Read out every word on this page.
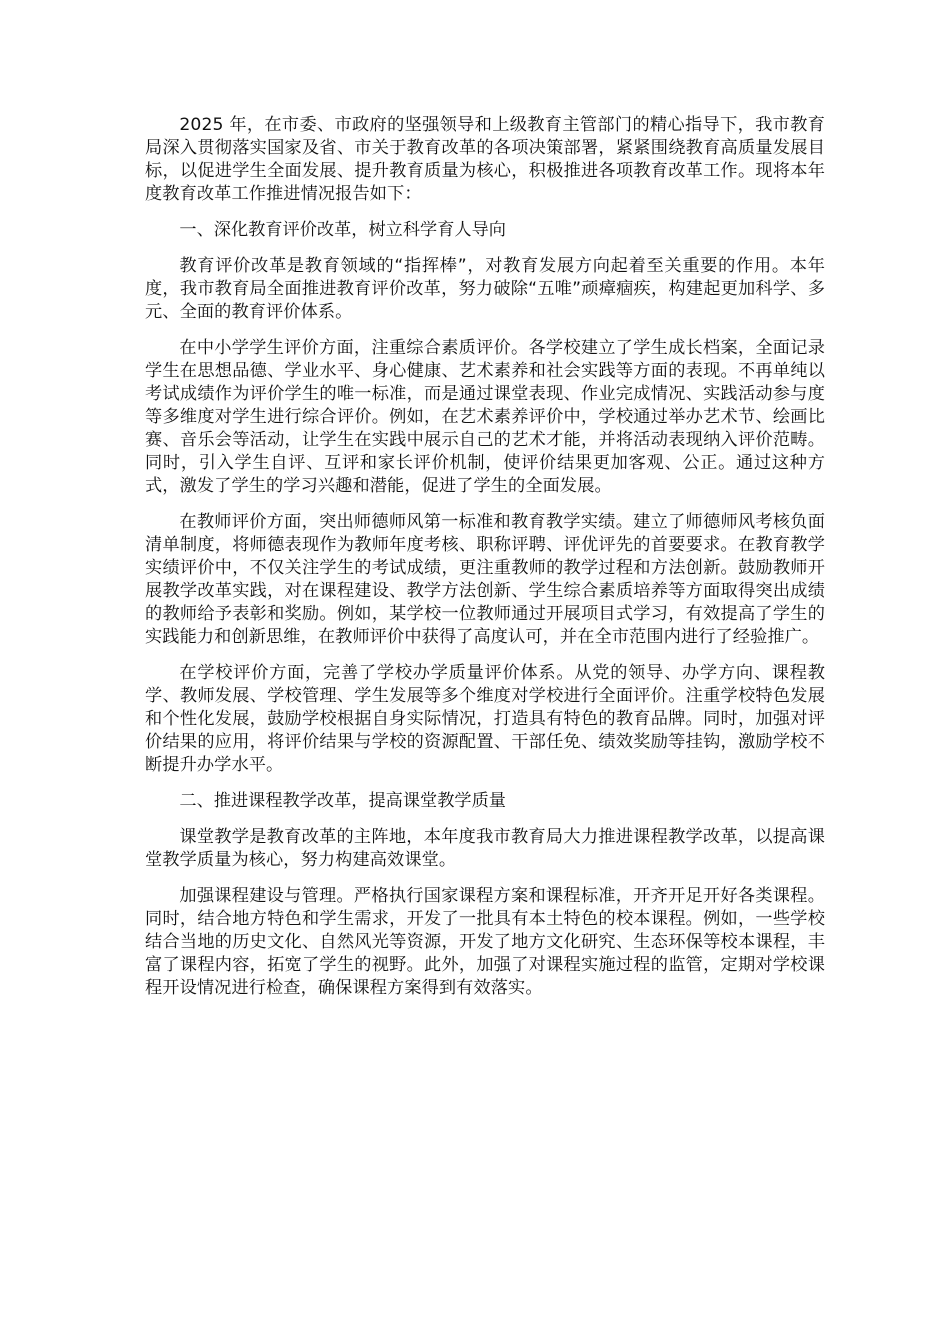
2025 年，在市委、市政府的坚强领导和上级教育主管部门的精心指导下，我市教育局深入贯彻落实国家及省、市关于教育改革的各项决策部署，紧紧围绕教育高质量发展目标，以促进学生全面发展、提升教育质量为核心，积极推进各项教育改革工作。现将本年度教育改革工作推进情况报告如下：

一、深化教育评价改革，树立科学育人导向

教育评价改革是教育领域的“指挥棒”，对教育发展方向起着至关重要的作用。本年度，我市教育局全面推进教育评价改革，努力破除“五唯”顽瘴痼疾，构建起更加科学、多元、全面的教育评价体系。

在中小学学生评价方面，注重综合素质评价。各学校建立了学生成长档案，全面记录学生在思想品德、学业水平、身心健康、艺术素养和社会实践等方面的表现。不再单纯以考试成绩作为评价学生的唯一标准，而是通过课堂表现、作业完成情况、实践活动参与度等多维度对学生进行综合评价。例如，在艺术素养评价中，学校通过举办艺术节、绘画比赛、音乐会等活动，让学生在实践中展示自己的艺术才能，并将活动表现纳入评价范畴。同时，引入学生自评、互评和家长评价机制，使评价结果更加客观、公正。通过这种方式，激发了学生的学习兴趣和潜能，促进了学生的全面发展。

在教师评价方面，突出师德师风第一标准和教育教学实绩。建立了师德师风考核负面清单制度，将师德表现作为教师年度考核、职称评聘、评优评先的首要要求。在教育教学实绩评价中，不仅关注学生的考试成绩，更注重教师的教学过程和方法创新。鼓励教师开展教学改革实践，对在课程建设、教学方法创新、学生综合素质培养等方面取得突出成绩的教师给予表彰和奖励。例如，某学校一位教师通过开展项目式学习，有效提高了学生的实践能力和创新思维，在教师评价中获得了高度认可，并在全市范围内进行了经验推广。

在学校评价方面，完善了学校办学质量评价体系。从党的领导、办学方向、课程教学、教师发展、学校管理、学生发展等多个维度对学校进行全面评价。注重学校特色发展和个性化发展，鼓励学校根据自身实际情况，打造具有特色的教育品牌。同时，加强对评价结果的应用，将评价结果与学校的资源配置、干部任免、绩效奖励等挂钩，激励学校不断提升办学水平。

二、推进课程教学改革，提高课堂教学质量

课堂教学是教育改革的主阵地，本年度我市教育局大力推进课程教学改革，以提高课堂教学质量为核心，努力构建高效课堂。

加强课程建设与管理。严格执行国家课程方案和课程标准，开齐开足开好各类课程。同时，结合地方特色和学生需求，开发了一批具有本土特色的校本课程。例如，一些学校结合当地的历史文化、自然风光等资源，开发了地方文化研究、生态环保等校本课程，丰富了课程内容，拓宽了学生的视野。此外，加强了对课程实施过程的监管，定期对学校课程开设情况进行检查，确保课程方案得到有效落实。
